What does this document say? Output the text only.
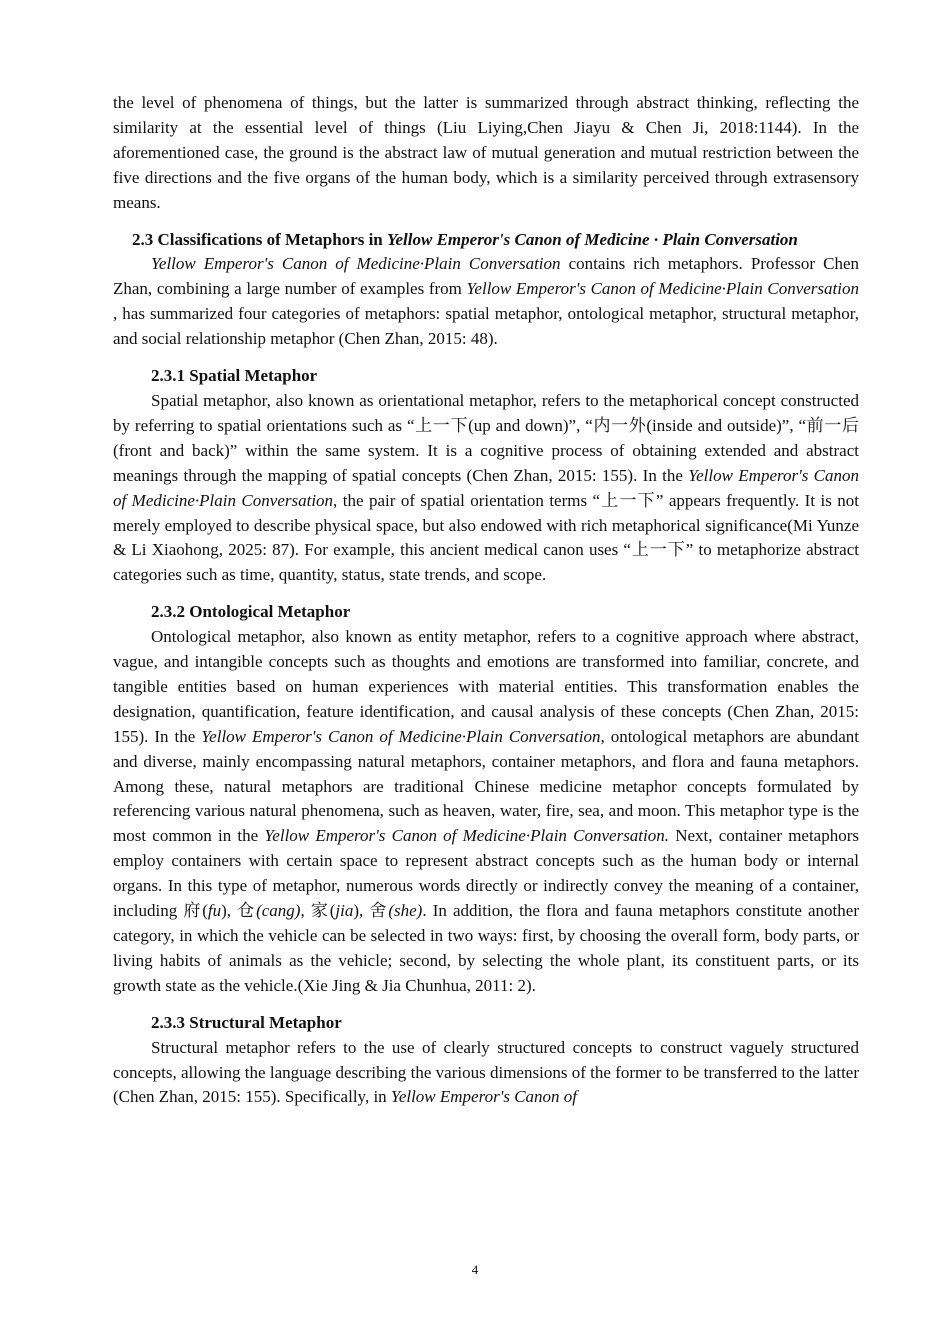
the level of phenomena of things, but the latter is summarized through abstract thinking, reflecting the similarity at the essential level of things (Liu Liying,Chen Jiayu & Chen Ji, 2018:1144). In the aforementioned case, the ground is the abstract law of mutual generation and mutual restriction between the five directions and the five organs of the human body, which is a similarity perceived through extrasensory means.

2.3 Classifications of Metaphors in Yellow Emperor's Canon of Medicine · Plain Conversation

Yellow Emperor's Canon of Medicine·Plain Conversation contains rich metaphors. Professor Chen Zhan, combining a large number of examples from Yellow Emperor's Canon of Medicine·Plain Conversation , has summarized four categories of metaphors: spatial metaphor, ontological metaphor, structural metaphor, and social relationship metaphor (Chen Zhan, 2015: 48).

2.3.1 Spatial Metaphor

Spatial metaphor, also known as orientational metaphor, refers to the metaphorical concept constructed by referring to spatial orientations such as “上一下(up and down)”, “内一外(inside and outside)”, “前一后(front and back)” within the same system. It is a cognitive process of obtaining extended and abstract meanings through the mapping of spatial concepts (Chen Zhan, 2015: 155). In the Yellow Emperor's Canon of Medicine·Plain Conversation, the pair of spatial orientation terms “上一下” appears frequently. It is not merely employed to describe physical space, but also endowed with rich metaphorical significance(Mi Yunze & Li Xiaohong, 2025: 87). For example, this ancient medical canon uses “上一下” to metaphorize abstract categories such as time, quantity, status, state trends, and scope.

2.3.2 Ontological Metaphor

Ontological metaphor, also known as entity metaphor, refers to a cognitive approach where abstract, vague, and intangible concepts such as thoughts and emotions are transformed into familiar, concrete, and tangible entities based on human experiences with material entities. This transformation enables the designation, quantification, feature identification, and causal analysis of these concepts (Chen Zhan, 2015: 155). In the Yellow Emperor's Canon of Medicine·Plain Conversation, ontological metaphors are abundant and diverse, mainly encompassing natural metaphors, container metaphors, and flora and fauna metaphors. Among these, natural metaphors are traditional Chinese medicine metaphor concepts formulated by referencing various natural phenomena, such as heaven, water, fire, sea, and moon. This metaphor type is the most common in the Yellow Emperor's Canon of Medicine·Plain Conversation. Next, container metaphors employ containers with certain space to represent abstract concepts such as the human body or internal organs. In this type of metaphor, numerous words directly or indirectly convey the meaning of a container, including 府(fu), 仓(cang), 家(jia), 舍(she). In addition, the flora and fauna metaphors constitute another category, in which the vehicle can be selected in two ways: first, by choosing the overall form, body parts, or living habits of animals as the vehicle; second, by selecting the whole plant, its constituent parts, or its growth state as the vehicle.(Xie Jing & Jia Chunhua, 2011: 2).

2.3.3 Structural Metaphor

Structural metaphor refers to the use of clearly structured concepts to construct vaguely structured concepts, allowing the language describing the various dimensions of the former to be transferred to the latter (Chen Zhan, 2015: 155). Specifically, in Yellow Emperor's Canon of

4
